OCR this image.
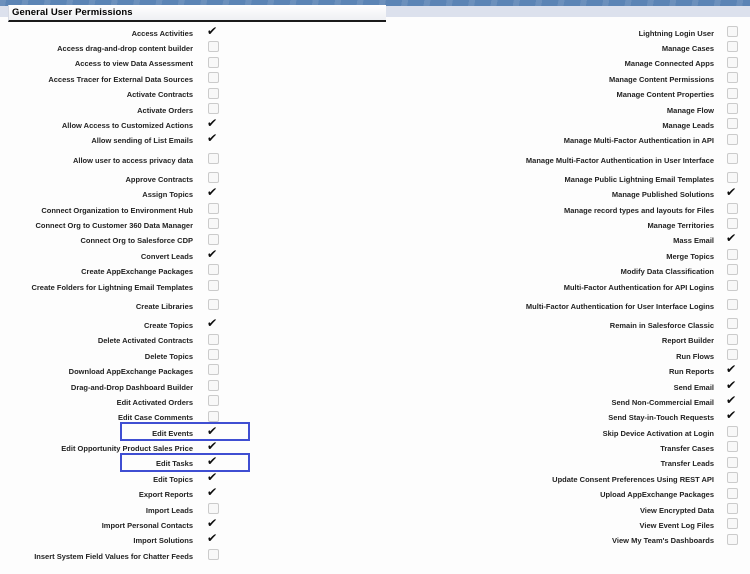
General User Permissions
Access Activities	✔	Lightning Login User
Access drag-and-drop content builder	Manage Cases
Access to view Data Assessment	Manage Connected Apps
Access Tracer for External Data Sources	Manage Content Permissions
Activate Contracts	Manage Content Properties
Activate Orders	Manage Flow
Allow Access to Customized Actions	✔	Manage Leads
Allow sending of List Emails	✔	Manage Multi-Factor Authentication in API
Allow user to access privacy data	Manage Multi-Factor Authentication in User Interface
Approve Contracts	Manage Public Lightning Email Templates
Assign Topics	✔	Manage Published Solutions ✔
Connect Organization to Environment Hub	Manage record types and layouts for Files
Connect Org to Customer 360 Data Manager	Manage Territories
Connect Org to Salesforce CDP	Mass Email ✔
Convert Leads	✔	Merge Topics
Create AppExchange Packages	Modify Data Classification
Create Folders for Lightning Email Templates	Multi-Factor Authentication for API Logins
Create Libraries	Multi-Factor Authentication for User Interface Logins
Create Topics	✔	Remain in Salesforce Classic
Delete Activated Contracts	Report Builder
Delete Topics	Run Flows
Download AppExchange Packages	Run Reports ✔
Drag-and-Drop Dashboard Builder	Send Email ✔
Edit Activated Orders	Send Non-Commercial Email ✔
Edit Case Comments	Send Stay-in-Touch Requests ✔
Edit Events	✔	Skip Device Activation at Login
Edit Opportunity Product Sales Price	✔	Transfer Cases
Edit Tasks	✔	Transfer Leads
Edit Topics	✔	Update Consent Preferences Using REST API
Export Reports	✔	Upload AppExchange Packages
Import Leads	View Encrypted Data
Import Personal Contacts	✔	View Event Log Files
Import Solutions	✔	View My Team's Dashboards
Insert System Field Values for Chatter Feeds
